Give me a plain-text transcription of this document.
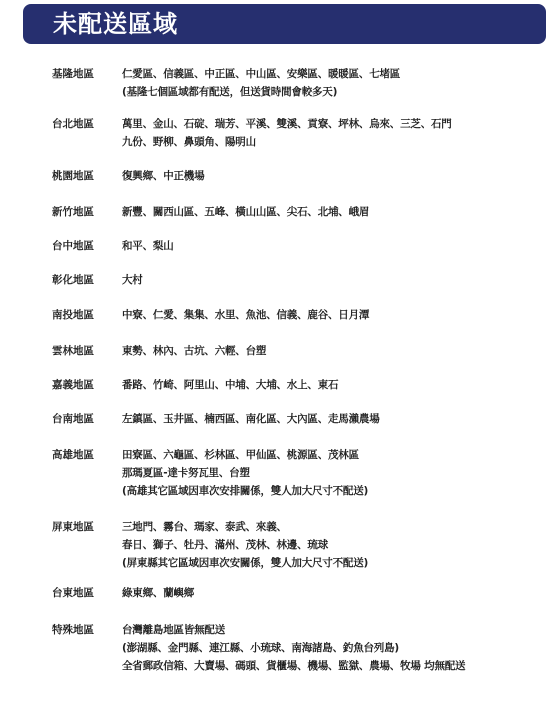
未配送區域
基隆地區	仁愛區、信義區、中正區、中山區、安樂區、暖暖區、七堵區
(基隆七個區域都有配送，但送貨時間會較多天)
台北地區	萬里、金山、石碇、瑞芳、平溪、雙溪、貢寮、坪林、烏來、三芝、石門
九份、野柳、鼻頭角、陽明山
桃園地區	復興鄉、中正機場
新竹地區	新豐、關西山區、五峰、橫山山區、尖石、北埔、峨眉
台中地區	和平、梨山
彰化地區	大村
南投地區	中寮、仁愛、集集、水里、魚池、信義、鹿谷、日月潭
雲林地區	東勢、林內、古坑、六輕、台塑
嘉義地區	番路、竹崎、阿里山、中埔、大埔、水上、東石
台南地區	左鎮區、玉井區、楠西區、南化區、大內區、走馬瀨農場
高雄地區	田寮區、六龜區、杉林區、甲仙區、桃源區、茂林區
那瑪夏區-達卡努瓦里、台塑
(高雄其它區域因車次安排關係，雙人加大尺寸不配送)
屏東地區	三地門、霧台、瑪家、泰武、來義、
春日、獅子、牡丹、滿州、茂林、林邊、琉球
(屏東縣其它區域因車次安關係，雙人加大尺寸不配送)
台東地區	綠東鄉、蘭嶼鄉
特殊地區	台灣離島地區皆無配送
(澎湖縣、金門縣、連江縣、小琉球、南海諸島、釣魚台列島)
全省郵政信箱、大賣場、碼頭、貨櫃場、機場、監獄、農場、牧場 均無配送
